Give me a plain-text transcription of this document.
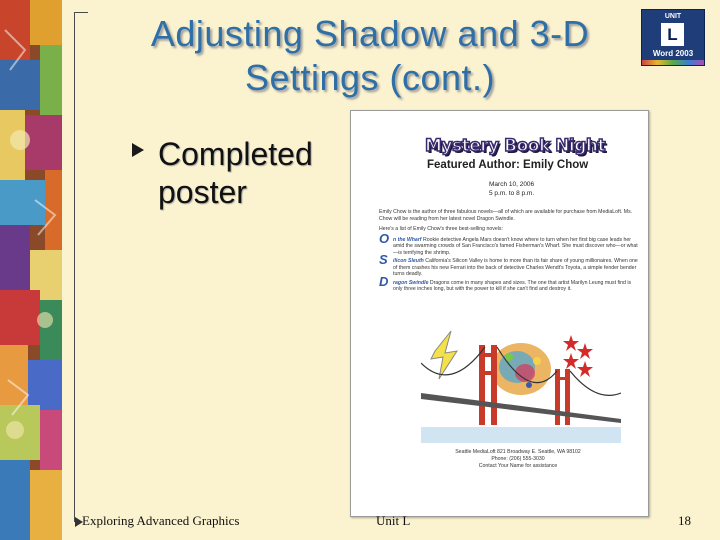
Adjusting Shadow and 3-D
Settings (cont.)
UNIT
L
Word 2003
Completed
poster
Mystery Book Night
Featured Author: Emily Chow
March 10, 2006
5 p.m. to 8 p.m.

Emily Chow is the author of three fabulous novels—all of which are available for purchase from MediaLoft. Ms. Chow will be reading from her latest novel Dragon Swindle.

Here's a list of Emily Chow's three best-selling novels:

O n the Wharf Rookie detective Angela Mars doesn't know where to turn when her first big case leads her amid the swarming crowds of San Francisco's famed Fisherman's Wharf. She must discover who—or what—is terrifying the shrimp.
S ilicon Sleuth California's Silicon Valley is home to more than its fair share of young millionaires. When one of them crashes his new Ferrari into the back of detective Charles Wendt's Toyota, a simple fender bender turns deadly.
D ragon Swindle Dragons come in many shapes and sizes. The one that artist Marilyn Leung must find is only three inches long, but with the power to kill if she can't find and destroy it.
Seattle MediaLoft 821 Broadway E. Seattle, WA 98102
Phone: (206) 555-3030
Contact Your Name for assistance
Exploring Advanced Graphics	Unit L	18
